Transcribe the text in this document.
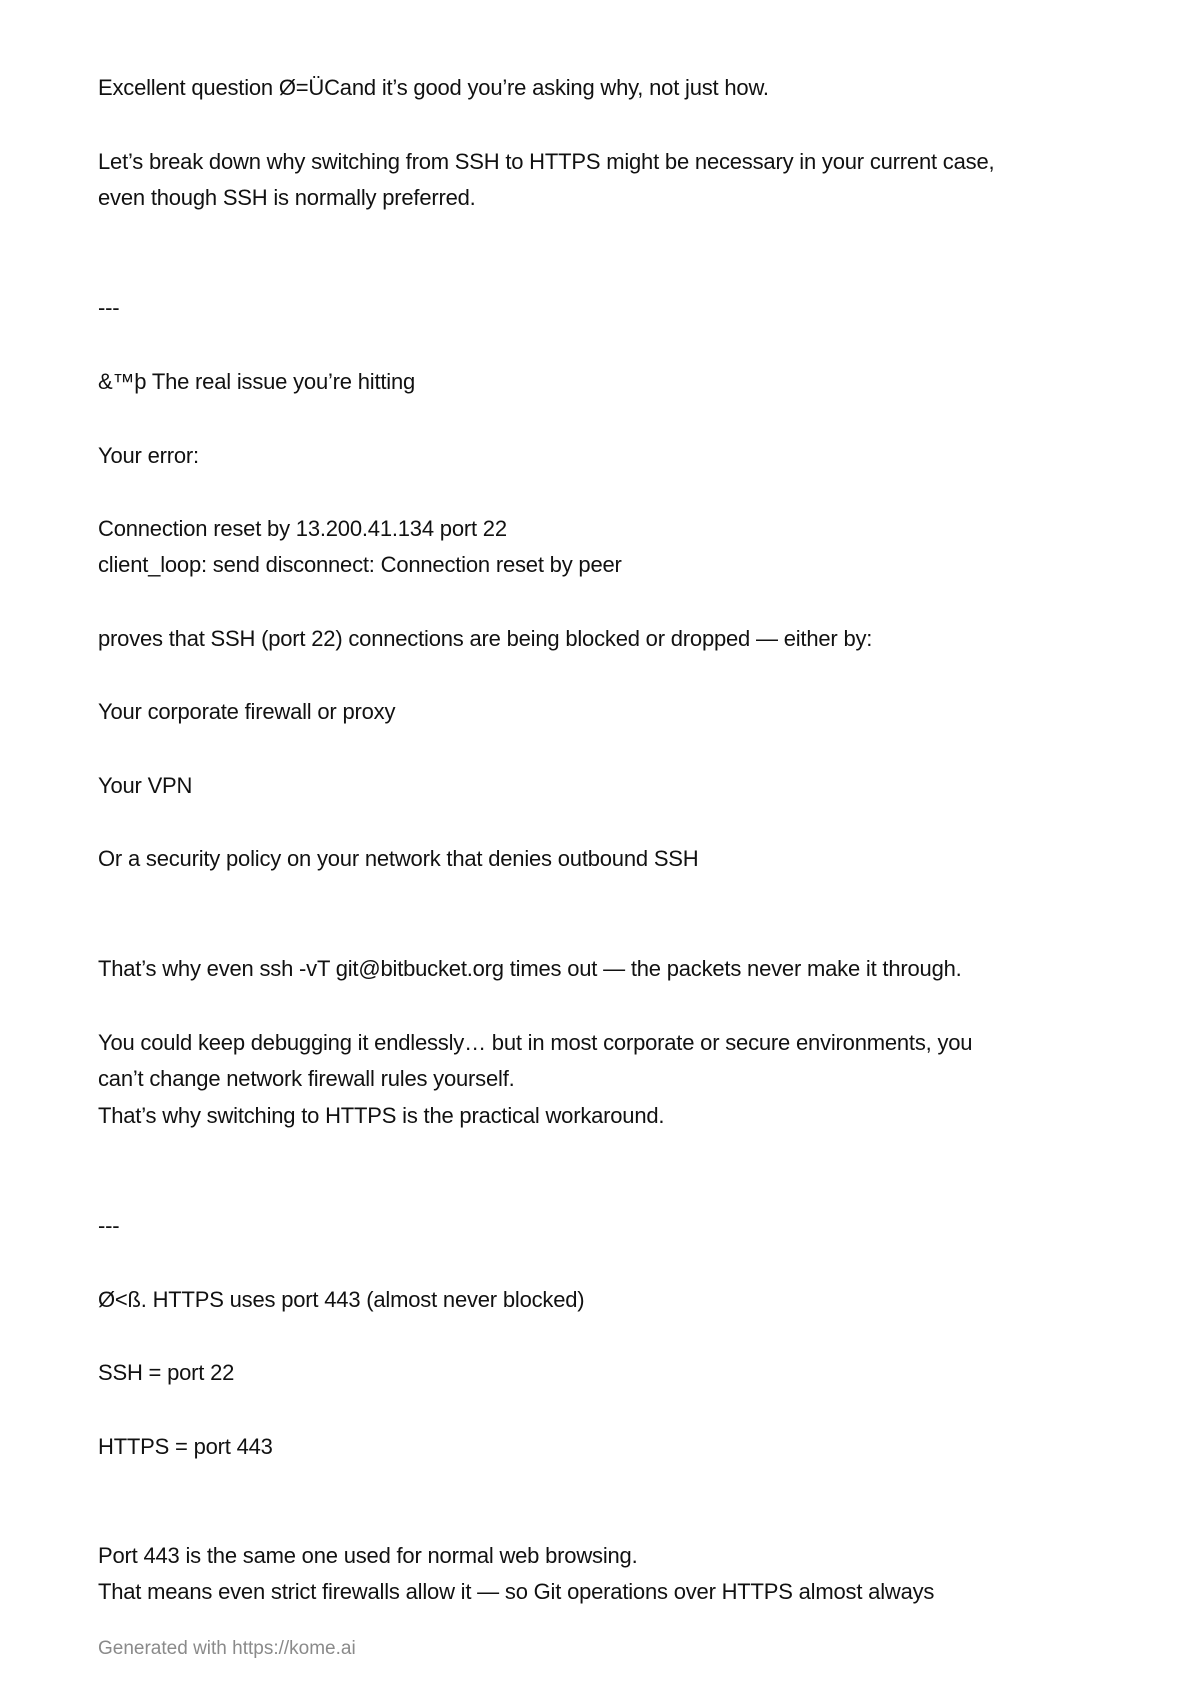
Excellent question Ø=ÜCand it’s good you’re asking why, not just how.
Let’s break down why switching from SSH to HTTPS might be necessary in your current case,
even though SSH is normally preferred.
---
&™þ The real issue you’re hitting
Your error:
Connection reset by 13.200.41.134 port 22
client_loop: send disconnect: Connection reset by peer
proves that SSH (port 22) connections are being blocked or dropped — either by:
Your corporate firewall or proxy
Your VPN
Or a security policy on your network that denies outbound SSH
That’s why even ssh -vT git@bitbucket.org times out — the packets never make it through.
You could keep debugging it endlessly… but in most corporate or secure environments, you
can’t change network firewall rules yourself.
That’s why switching to HTTPS is the practical workaround.
---
Ø<ß. HTTPS uses port 443 (almost never blocked)
SSH = port 22
HTTPS = port 443
Port 443 is the same one used for normal web browsing.
That means even strict firewalls allow it — so Git operations over HTTPS almost always
Generated with https://kome.ai
